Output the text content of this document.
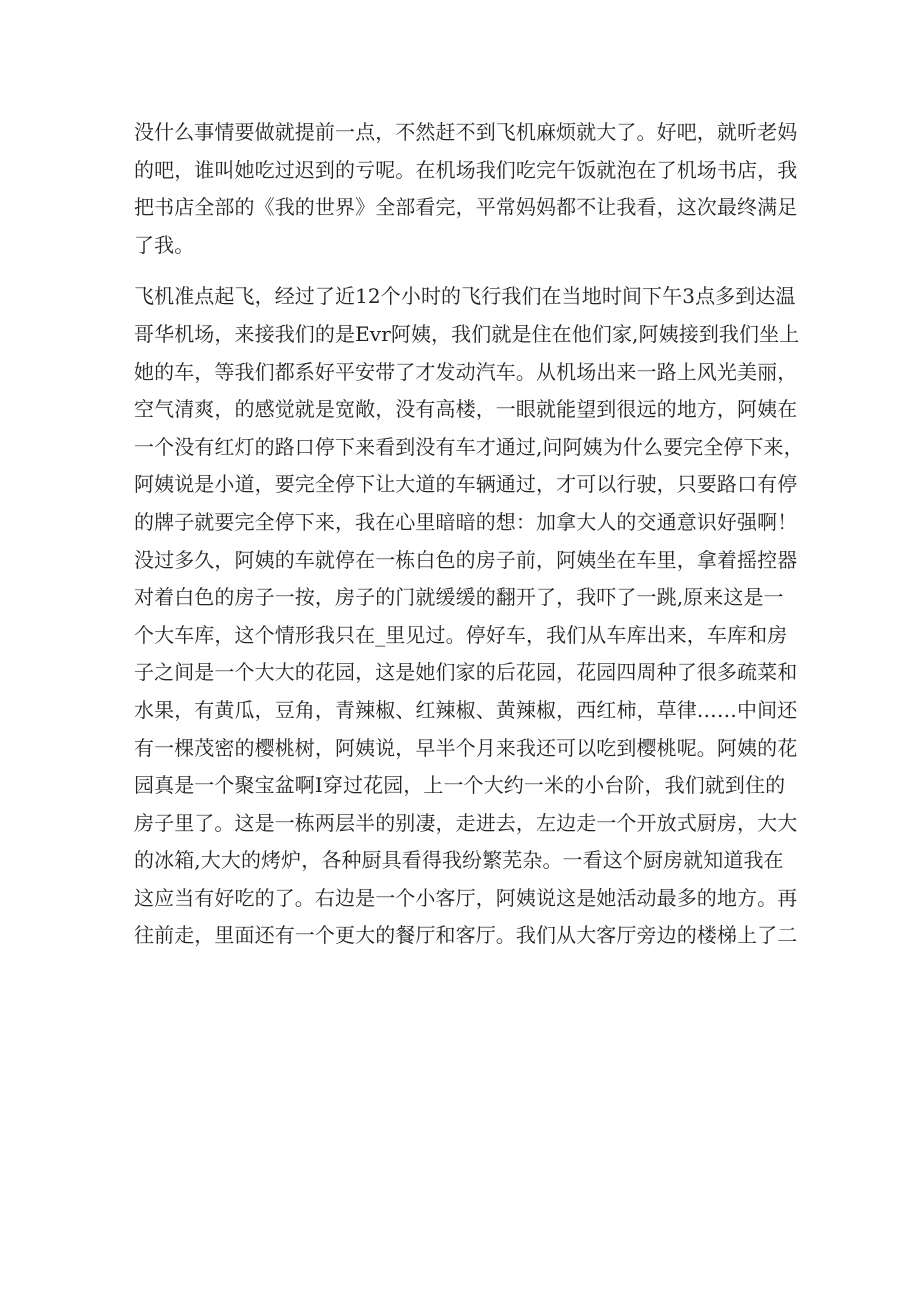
没什么事情要做就提前一点，不然赶不到飞机麻烦就大了。好吧，就听老妈
的吧，谁叫她吃过迟到的亏呢。在机场我们吃完午饭就泡在了机场书店，我
把书店全部的《我的世界》全部看完，平常妈妈都不让我看，这次最终满足
了我。
飞机准点起飞，经过了近12个小时的飞行我们在当地时间下午3点多到达温
哥华机场，来接我们的是Evr阿姨，我们就是住在他们家,阿姨接到我们坐上
她的车，等我们都系好平安带了才发动汽车。从机场出来一路上风光美丽，
空气清爽，的感觉就是宽敞，没有高楼，一眼就能望到很远的地方，阿姨在
一个没有红灯的路口停下来看到没有车才通过,问阿姨为什么要完全停下来，
阿姨说是小道，要完全停下让大道的车辆通过，才可以行驶，只要路口有停
的牌子就要完全停下来，我在心里暗暗的想：加拿大人的交通意识好强啊！
没过多久，阿姨的车就停在一栋白色的房子前，阿姨坐在车里，拿着摇控器
对着白色的房子一按，房子的门就缓缓的翻开了，我吓了一跳,原来这是一
个大车库，这个情形我只在_里见过。停好车，我们从车库出来，车库和房
子之间是一个大大的花园，这是她们家的后花园，花园四周种了很多疏菜和
水果，有黄瓜，豆角，青辣椒、红辣椒、黄辣椒，西红柿，草律……中间还
有一棵茂密的樱桃树，阿姨说，早半个月来我还可以吃到樱桃呢。阿姨的花
园真是一个聚宝盆啊I穿过花园，上一个大约一米的小台阶，我们就到住的
房子里了。这是一栋两层半的别凄，走进去，左边走一个开放式厨房，大大
的冰箱,大大的烤炉，各种厨具看得我纷繁芜杂。一看这个厨房就知道我在
这应当有好吃的了。右边是一个小客厅，阿姨说这是她活动最多的地方。再
往前走，里面还有一个更大的餐厅和客厅。我们从大客厅旁边的楼梯上了二
